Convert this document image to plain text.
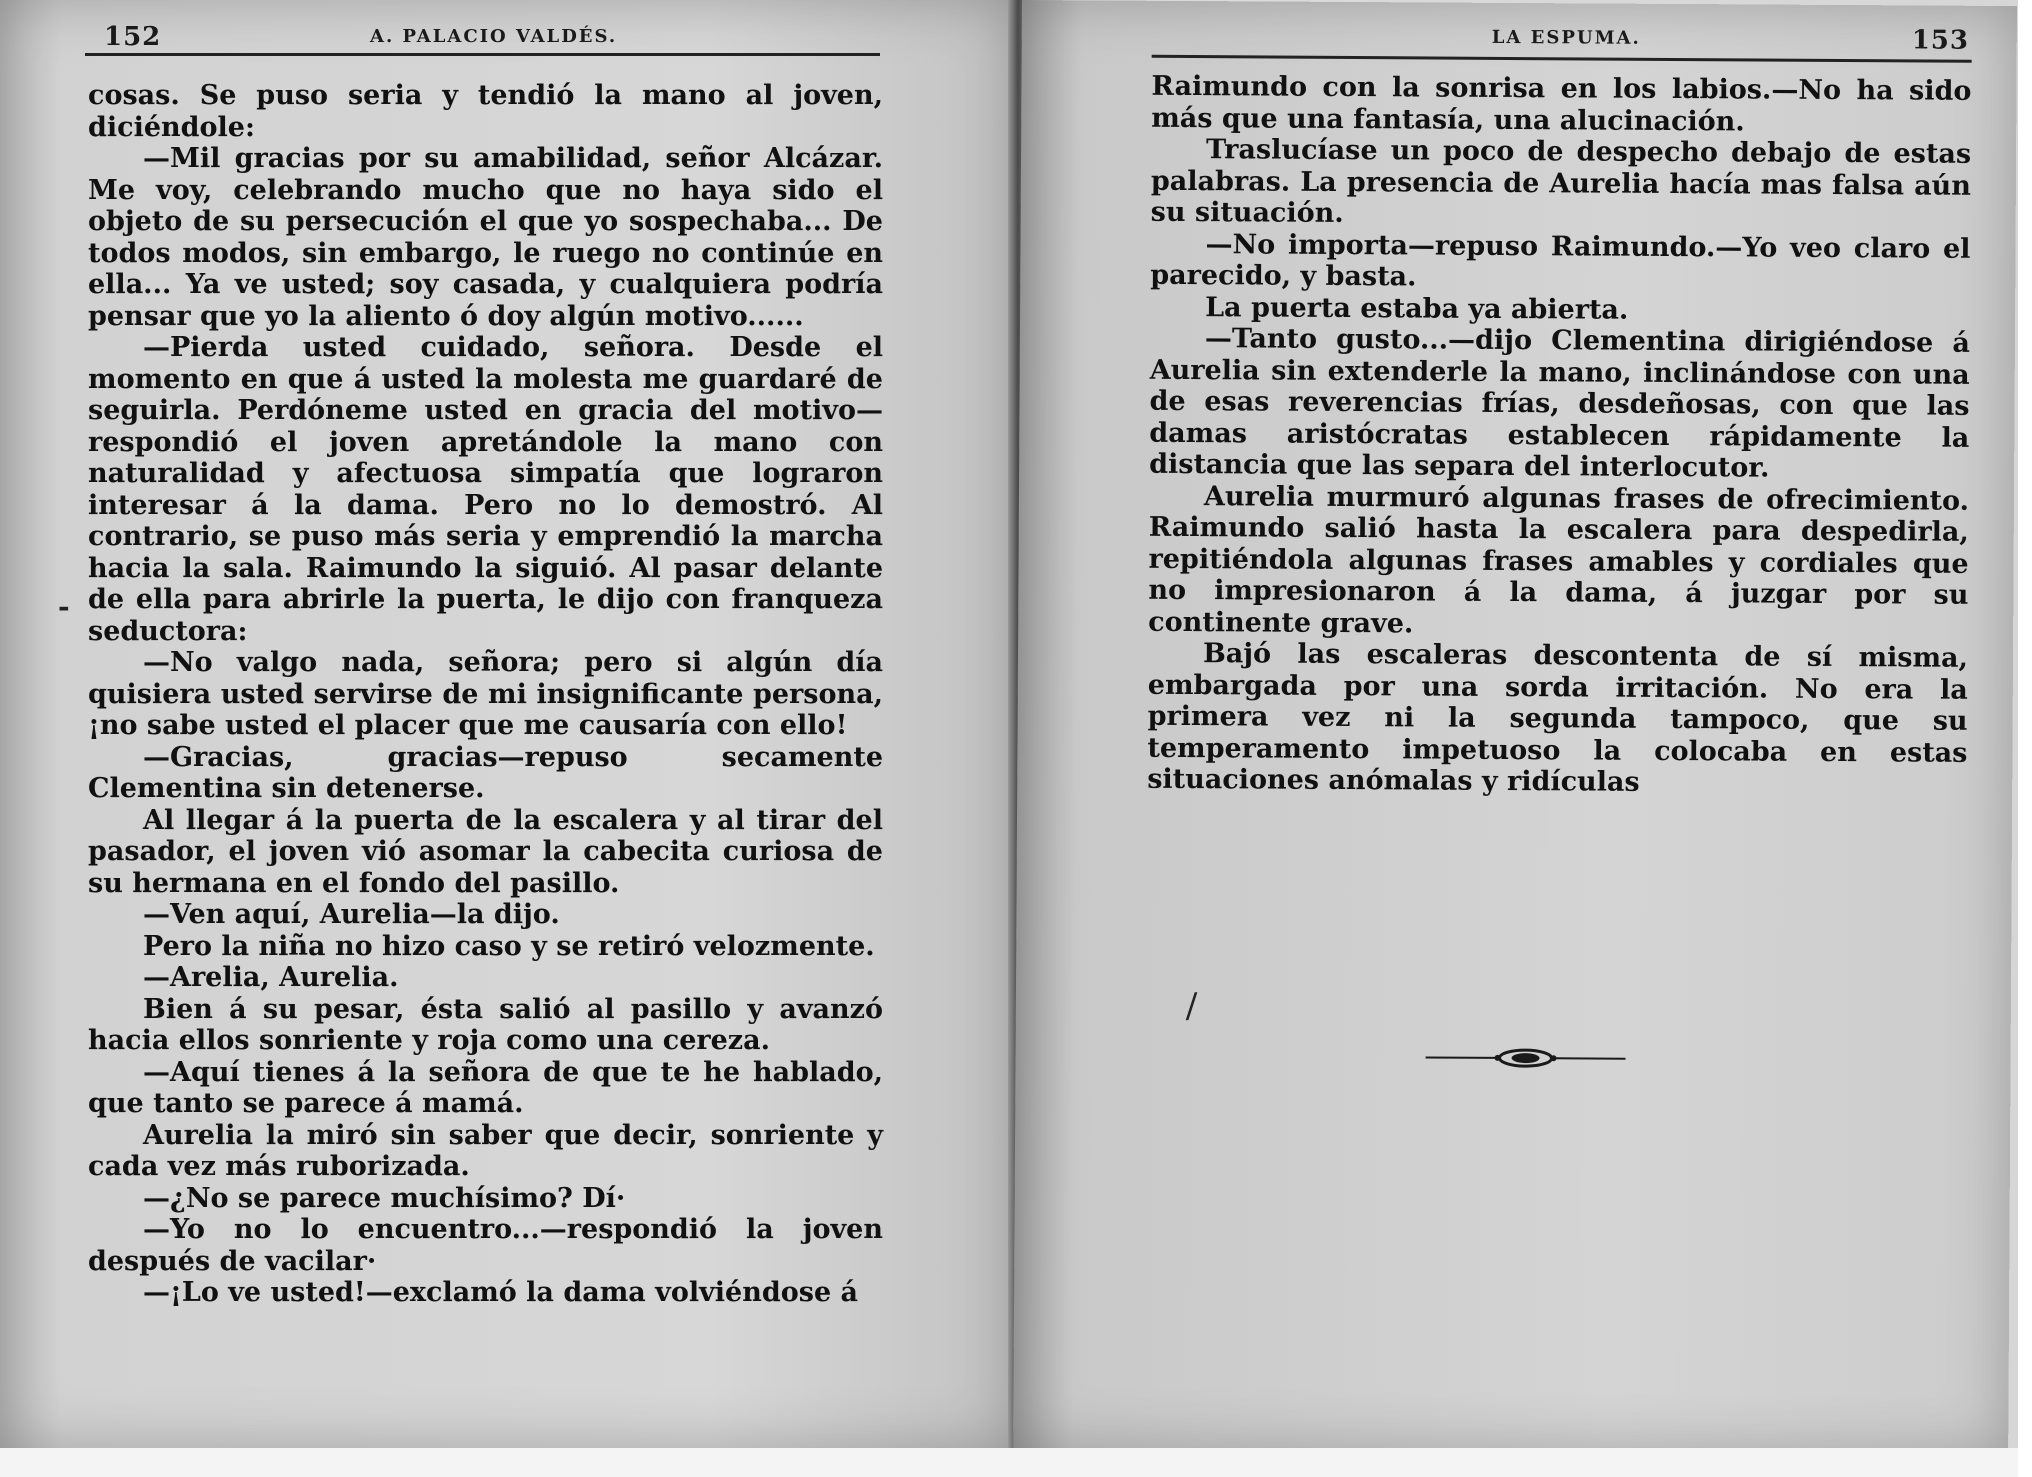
152	A. PALACIO VALDÉS.

cosas. Se puso seria y tendió la mano al joven, diciéndole:

—Mil gracias por su amabilidad, señor Alcázar. Me voy, celebrando mucho que no haya sido el objeto de su persecución el que yo sospechaba... De todos modos, sin embargo, le ruego no continúe en ella... Ya ve usted; soy casada, y cualquiera podría pensar que yo la aliento ó doy algún motivo......

—Pierda usted cuidado, señora. Desde el momento en que á usted la molesta me guardaré de seguirla. Perdóneme usted en gracia del motivo—respondió el joven apretándole la mano con naturalidad y afectuosa simpatía que lograron interesar á la dama. Pero no lo demostró. Al contrario, se puso más seria y emprendió la marcha hacia la sala. Raimundo la siguió. Al pasar delante de ella para abrirle la puerta, le dijo con franqueza seductora:

—No valgo nada, señora; pero si algún día quisiera usted servirse de mi insignificante persona, ¡no sabe usted el placer que me causaría con ello!

—Gracias, gracias—repuso secamente Clementina sin detenerse.

Al llegar á la puerta de la escalera y al tirar del pasador, el joven vió asomar la cabecita curiosa de su hermana en el fondo del pasillo.

—Ven aquí, Aurelia—la dijo.

Pero la niña no hizo caso y se retiró velozmente.

—Arelia, Aurelia.

Bien á su pesar, ésta salió al pasillo y avanzó hacia ellos sonriente y roja como una cereza.

—Aquí tienes á la señora de que te he hablado, que tanto se parece á mamá.

Aurelia la miró sin saber que decir, sonriente y cada vez más ruborizada.

—¿No se parece muchísimo? Dí·

—Yo no lo encuentro...—respondió la joven después de vacilar·

—¡Lo ve usted!—exclamó la dama volviéndose á

-
LA ESPUMA.	153

Raimundo con la sonrisa en los labios.—No ha sido más que una fantasía, una alucinación.

Traslucíase un poco de despecho debajo de estas palabras. La presencia de Aurelia hacía mas falsa aún su situación.

—No importa—repuso Raimundo.—Yo veo claro el parecido, y basta.

La puerta estaba ya abierta.

—Tanto gusto...—dijo Clementina dirigiéndose á Aurelia sin extenderle la mano, inclinándose con una de esas reverencias frías, desdeñosas, con que las damas aristócratas establecen rápidamente la distancia que las separa del interlocutor.

Aurelia murmuró algunas frases de ofrecimiento. Raimundo salió hasta la escalera para despedirla, repitiéndola algunas frases amables y cordiales que no impresionaron á la dama, á juzgar por su continente grave.

Bajó las escaleras descontenta de sí misma, embargada por una sorda irritación. No era la primera vez ni la segunda tampoco, que su temperamento impetuoso la colocaba en estas situaciones anómalas y ridículas

/
